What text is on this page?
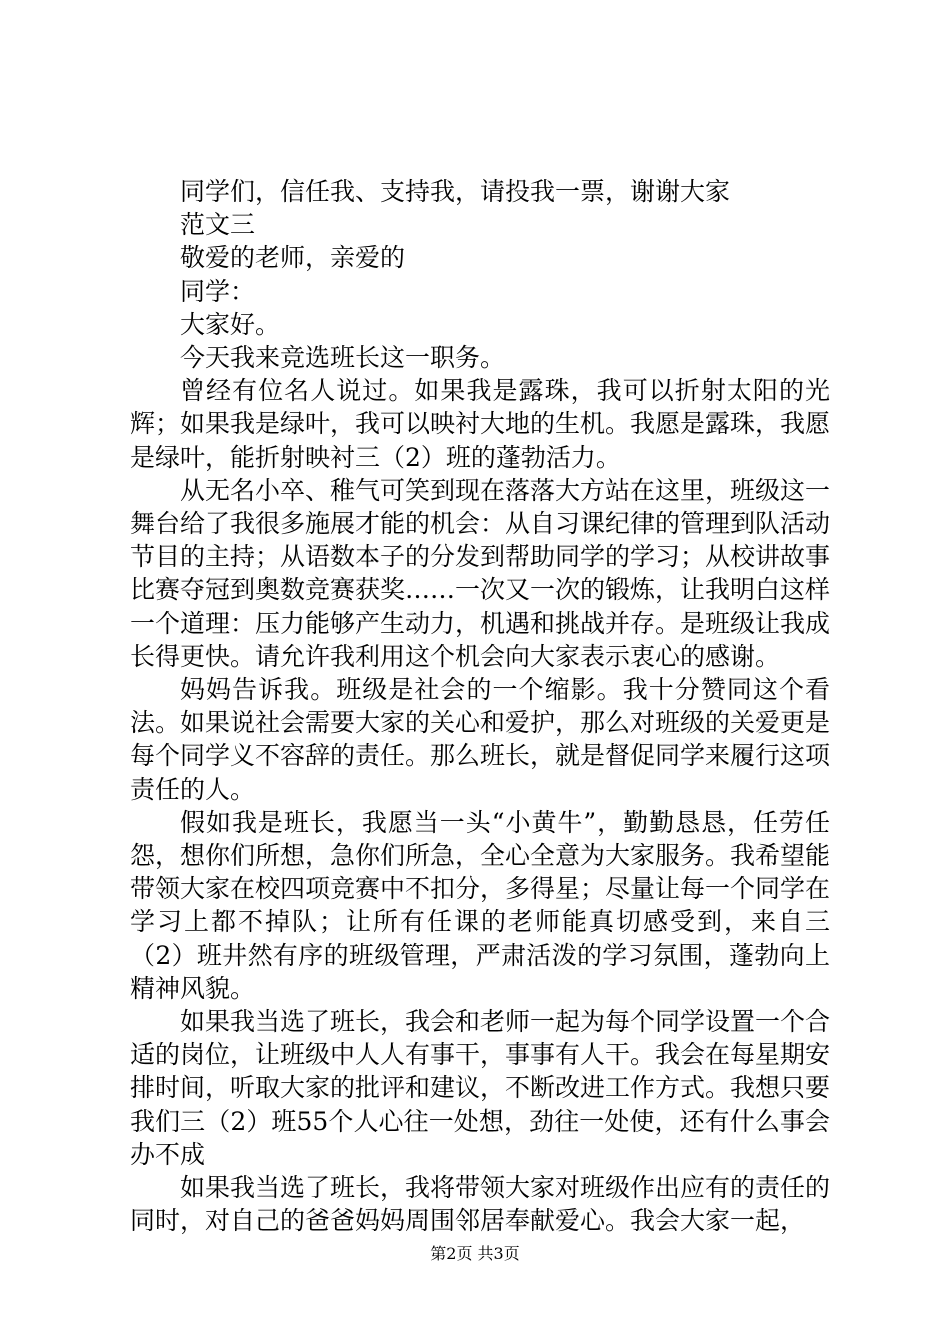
同学们，信任我、支持我，请投我一票，谢谢大家

范文三

敬爱的老师，亲爱的

同学：

大家好。

今天我来竞选班长这一职务。

曾经有位名人说过。如果我是露珠，我可以折射太阳的光辉；如果我是绿叶，我可以映衬大地的生机。我愿是露珠，我愿是绿叶，能折射映衬三（2）班的蓬勃活力。

从无名小卒、稚气可笑到现在落落大方站在这里，班级这一舞台给了我很多施展才能的机会：从自习课纪律的管理到队活动节目的主持；从语数本子的分发到帮助同学的学习；从校讲故事比赛夺冠到奥数竞赛获奖……一次又一次的锻炼，让我明白这样一个道理：压力能够产生动力，机遇和挑战并存。是班级让我成长得更快。请允许我利用这个机会向大家表示衷心的感谢。

妈妈告诉我。班级是社会的一个缩影。我十分赞同这个看法。如果说社会需要大家的关心和爱护，那么对班级的关爱更是每个同学义不容辞的责任。那么班长，就是督促同学来履行这项责任的人。

假如我是班长，我愿当一头“小黄牛”，勤勤恳恳，任劳任怨，想你们所想，急你们所急，全心全意为大家服务。我希望能带领大家在校四项竞赛中不扣分，多得星；尽量让每一个同学在学习上都不掉队；让所有任课的老师能真切感受到，来自三（2）班井然有序的班级管理，严肃活泼的学习氛围，蓬勃向上精神风貌。

如果我当选了班长，我会和老师一起为每个同学设置一个合适的岗位，让班级中人人有事干，事事有人干。我会在每星期安排时间，听取大家的批评和建议，不断改进工作方式。我想只要我们三（2）班55个人心往一处想，劲往一处使，还有什么事会办不成

如果我当选了班长，我将带领大家对班级作出应有的责任的同时，对自己的爸爸妈妈周围邻居奉献爱心。我会大家一起，

第2页 共3页
